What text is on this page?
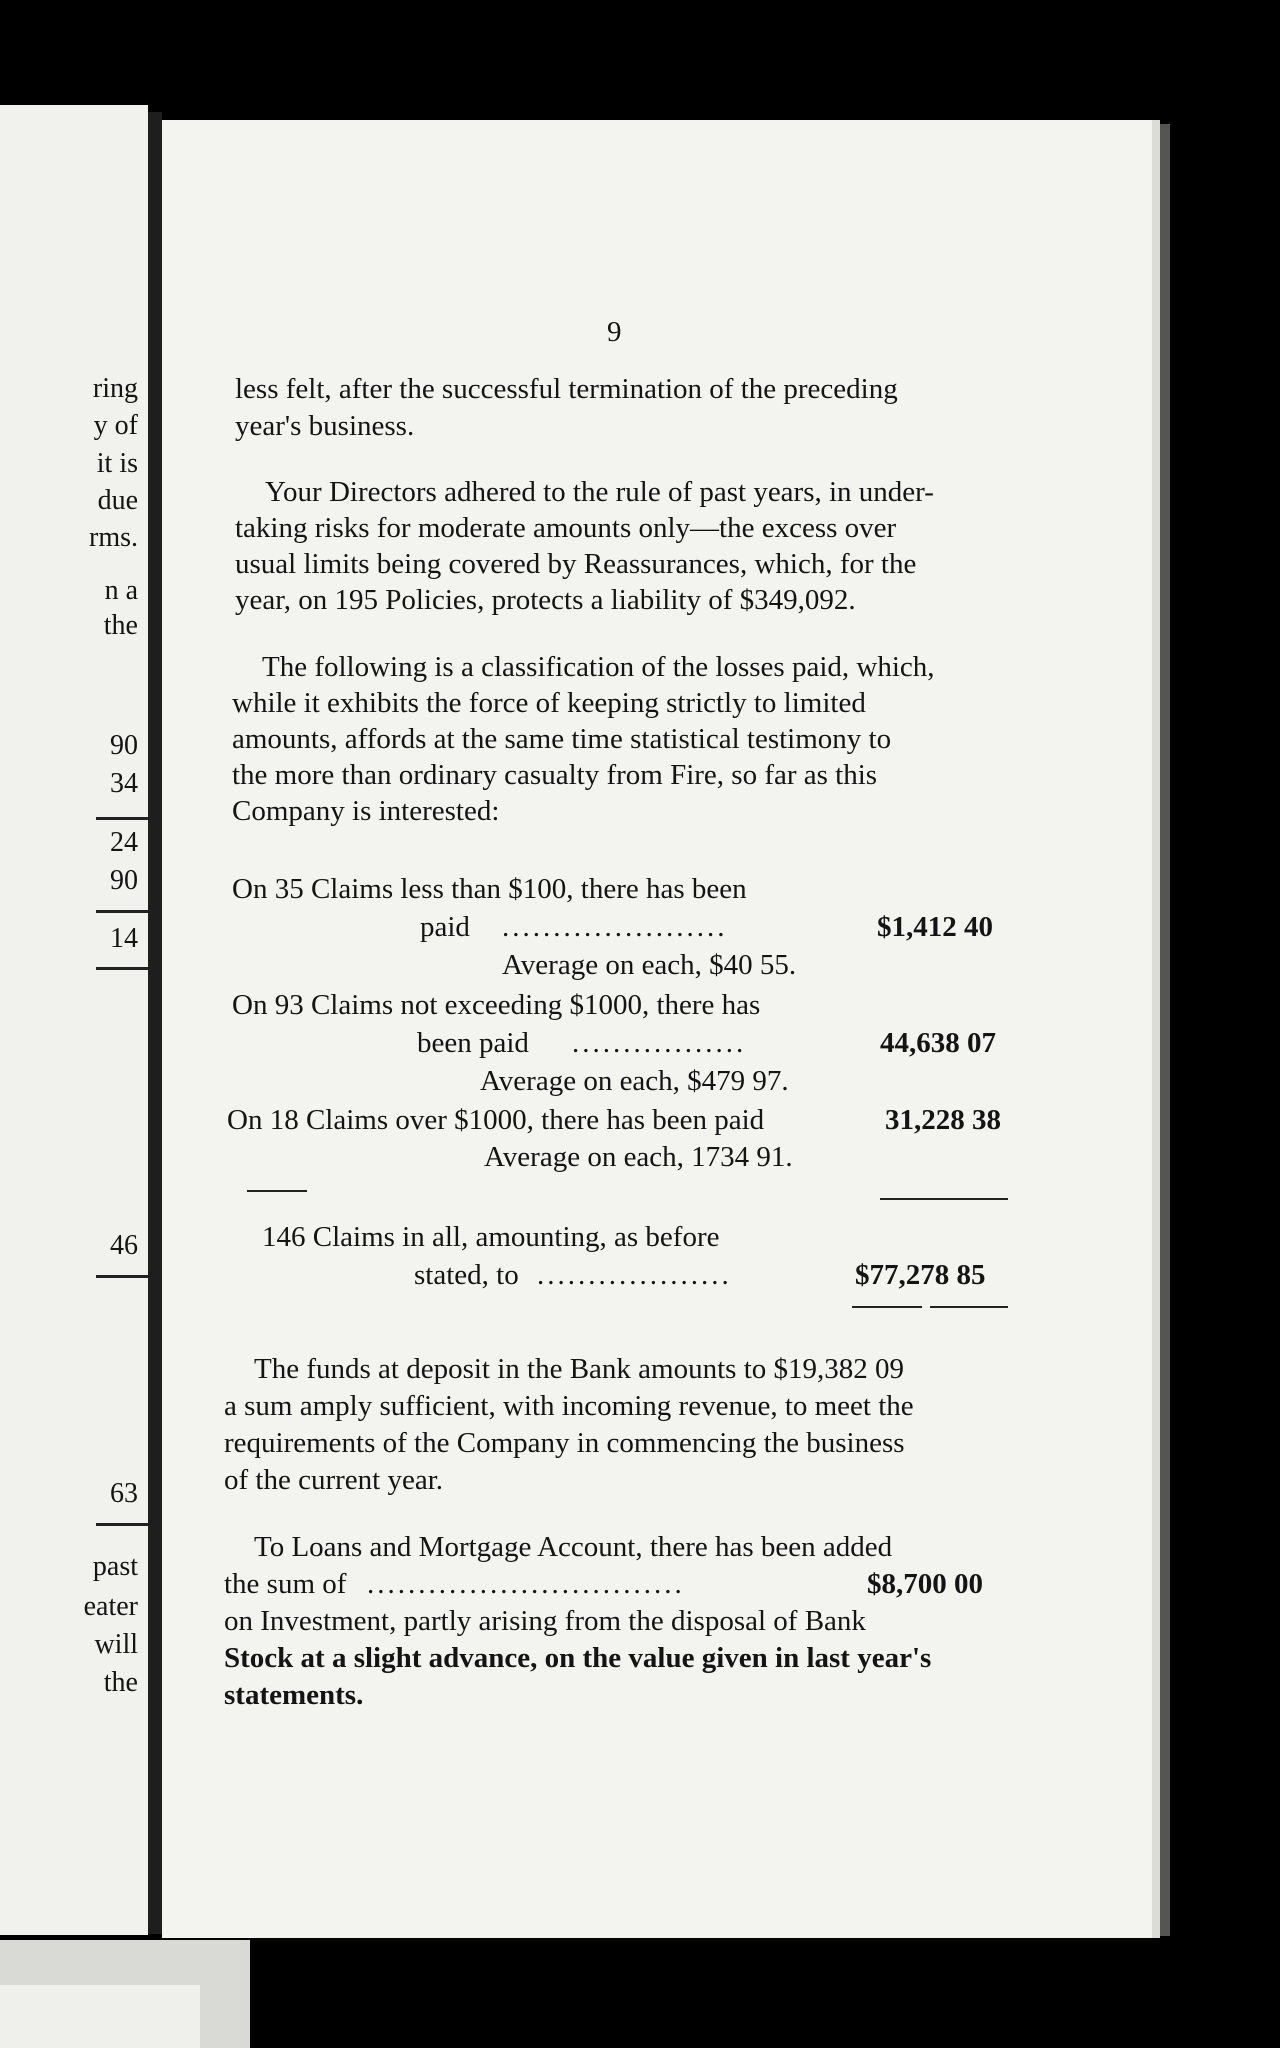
ring
y of
it is
due
rms.
n a
the
90
34
24
90
14
46
63
past
eater
will
the
9
less felt, after the successful termination of the preceding
year's business.
Your Directors adhered to the rule of past years, in under-
taking risks for moderate amounts only—the excess over
usual limits being covered by Reassurances, which, for the
year, on 195 Policies, protects a liability of $349,092.
The following is a classification of the losses paid, which,
while it exhibits the force of keeping strictly to limited
amounts, affords at the same time statistical testimony to
the more than ordinary casualty from Fire, so far as this
Company is interested:
On 35 Claims less than $100, there has been
paid ......................	$1,412 40
Average on each, $40 55.
On 93 Claims not exceeding $1000, there has
been paid .................	44,638 07
Average on each, $479 97.
On 18 Claims over $1000, there has been paid	31,228 38
Average on each, 1734 91.
146 Claims in all, amounting, as before
stated, to ...................	$77,278 85
The funds at deposit in the Bank amounts to $19,382 09
a sum amply sufficient, with incoming revenue, to meet the
requirements of the Company in commencing the business
of the current year.
To Loans and Mortgage Account, there has been added
the sum of ...............................	$8,700 00
on Investment, partly arising from the disposal of Bank
Stock at a slight advance, on the value given in last year's
statements.
